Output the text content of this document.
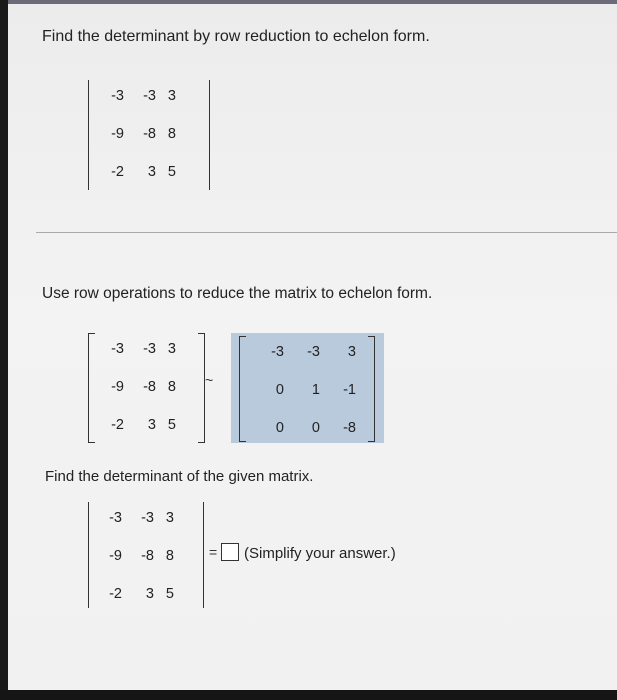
Find the determinant by row reduction to echelon form.
-3	-3 3
-9	-8 8
-2	3 5
Use row operations to reduce the matrix to echelon form.
-3	-3 3
-9	-8 8
-2	3 5
~
-3	-3	3
0	1	-1
0	0	-8
Find the determinant of the given matrix.
-3	-3 3
-9	-8 8
-2	3 5
= (Simplify your answer.)
